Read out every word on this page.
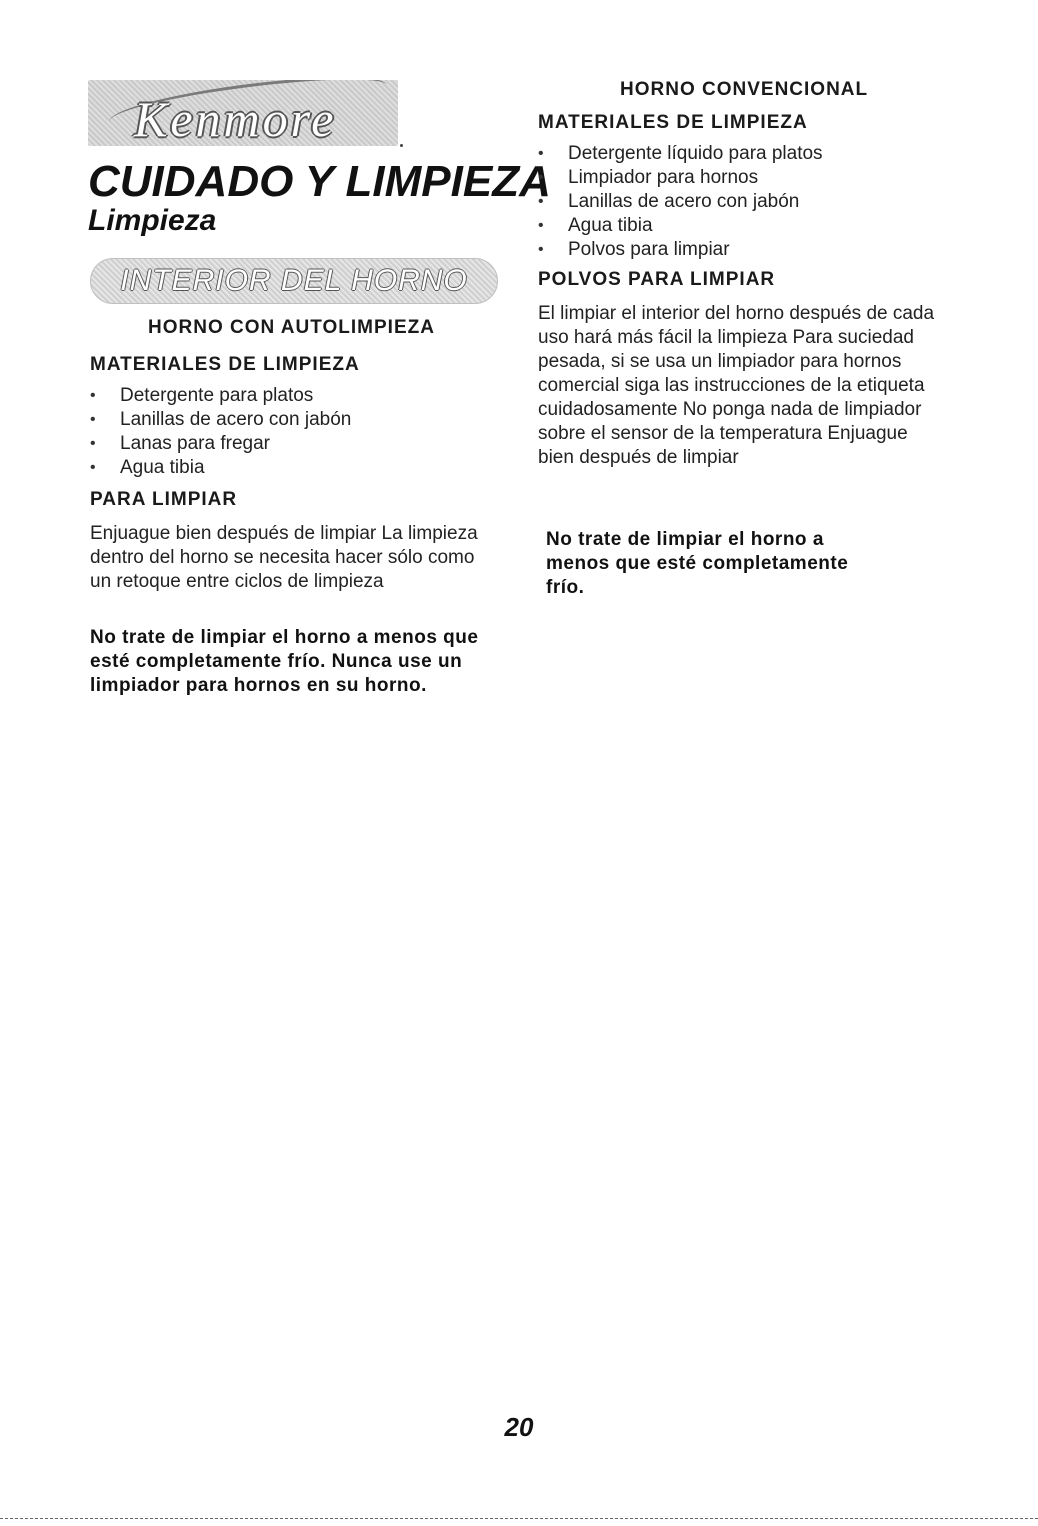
Kenmore
CUIDADO Y LIMPIEZA
Limpieza
INTERIOR DEL HORNO
HORNO CON AUTOLIMPIEZA
MATERIALES DE LIMPIEZA
• Detergente para platos
• Lanillas de acero con jabón
• Lanas para fregar
• Agua tibia
PARA LIMPIAR

Enjuague bien después de limpiar La limpieza dentro del horno se necesita hacer sólo como un retoque entre ciclos de limpieza

No trate de limpiar el horno a menos que esté completamente frío. Nunca use un limpiador para hornos en su horno.

HORNO CONVENCIONAL
MATERIALES DE LIMPIEZA
• Detergente líquido para platos
• Limpiador para hornos
• Lanillas de acero con jabón
• Agua tibia
• Polvos para limpiar
POLVOS PARA LIMPIAR

El limpiar el interior del horno después de cada uso hará más fácil la limpieza Para suciedad pesada, si se usa un limpiador para hornos comercial siga las instrucciones de la etiqueta cuidadosamente No ponga nada de limpiador sobre el sensor de la temperatura Enjuague bien después de limpiar

No trate de limpiar el horno a menos que esté completamente frío.

20
